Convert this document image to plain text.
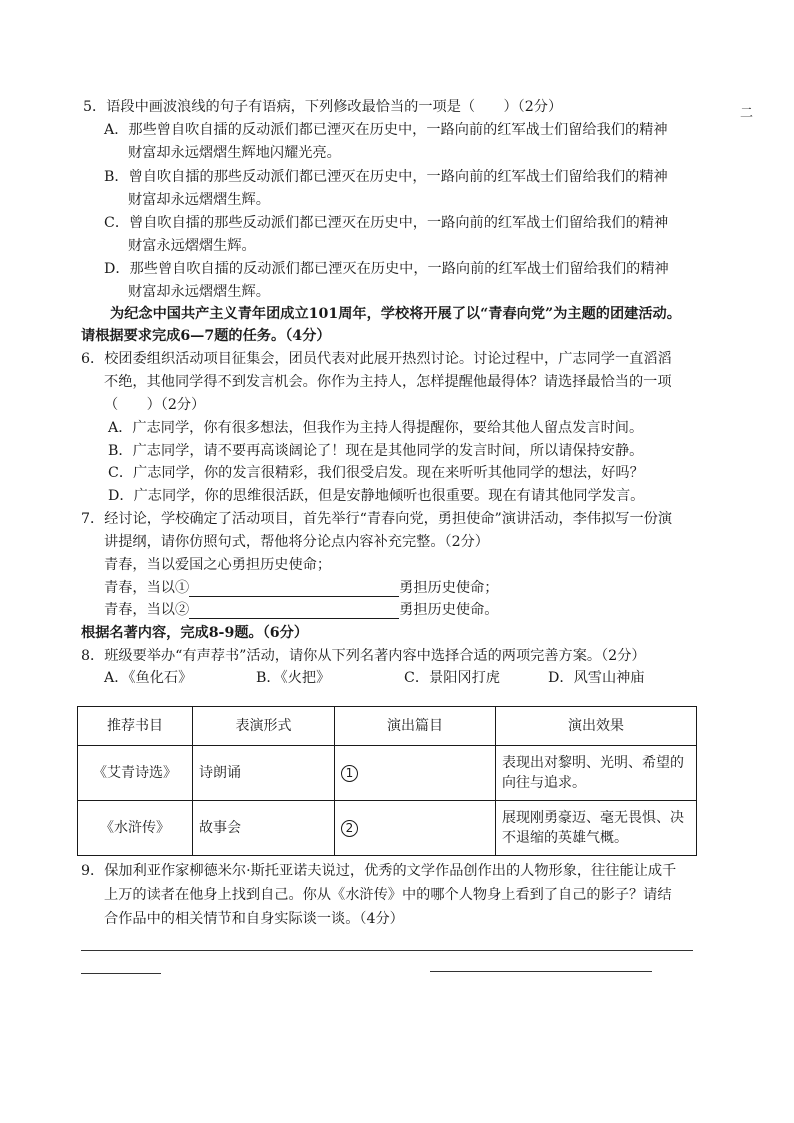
二
5．语段中画波浪线的句子有语病，下列修改最恰当的一项是（　　）（2分）
A．那些曾自吹自擂的反动派们都已湮灭在历史中，一路向前的红军战士们留给我们的精神
财富却永远熠熠生辉地闪耀光亮。
B．曾自吹自擂的那些反动派们都已湮灭在历史中，一路向前的红军战士们留给我们的精神
财富却永远熠熠生辉。
C．曾自吹自擂的那些反动派们都已湮灭在历史中，一路向前的红军战士们留给我们的精神
财富永远熠熠生辉。
D．那些曾自吹自擂的反动派们都已湮灭在历史中，一路向前的红军战士们留给我们的精神
财富却永远熠熠生辉。
为纪念中国共产主义青年团成立101周年，学校将开展了以“青春向党”为主题的团建活动。
请根据要求完成6—7题的任务。（4分）
6．校团委组织活动项目征集会，团员代表对此展开热烈讨论。讨论过程中，广志同学一直滔滔
不绝，其他同学得不到发言机会。你作为主持人，怎样提醒他最得体？请选择最恰当的一项
（　　）（2分）
A．广志同学，你有很多想法，但我作为主持人得提醒你，要给其他人留点发言时间。
B．广志同学，请不要再高谈阔论了！现在是其他同学的发言时间，所以请保持安静。
C．广志同学，你的发言很精彩，我们很受启发。现在来听听其他同学的想法，好吗？
D．广志同学，你的思维很活跃，但是安静地倾听也很重要。现在有请其他同学发言。
7．经讨论，学校确定了活动项目，首先举行“青春向党，勇担使命”演讲活动，李伟拟写一份演
讲提纲，请你仿照句式，帮他将分论点内容补充完整。（2分）
青春，当以爱国之心勇担历史使命；
青春，当以①	勇担历史使命；
青春，当以②	勇担历史使命。
根据名著内容，完成8-9题。（6分）
8．班级要举办“有声荐书”活动，请你从下列名著内容中选择合适的两项完善方案。（2分）
A．《鱼化石》	B．《火把》	C．景阳冈打虎	D．风雪山神庙
推荐书目	表演形式	演出篇目	演出效果
《艾青诗选》	诗朗诵	1	表现出对黎明、光明、希望的向往与追求。
《水浒传》	故事会	2	展现刚勇豪迈、毫无畏惧、决不退缩的英雄气概。
9．保加利亚作家柳德米尔·斯托亚诺夫说过，优秀的文学作品创作出的人物形象，往往能让成千
上万的读者在他身上找到自己。你从《水浒传》中的哪个人物身上看到了自己的影子？请结
合作品中的相关情节和自身实际谈一谈。（4分）
